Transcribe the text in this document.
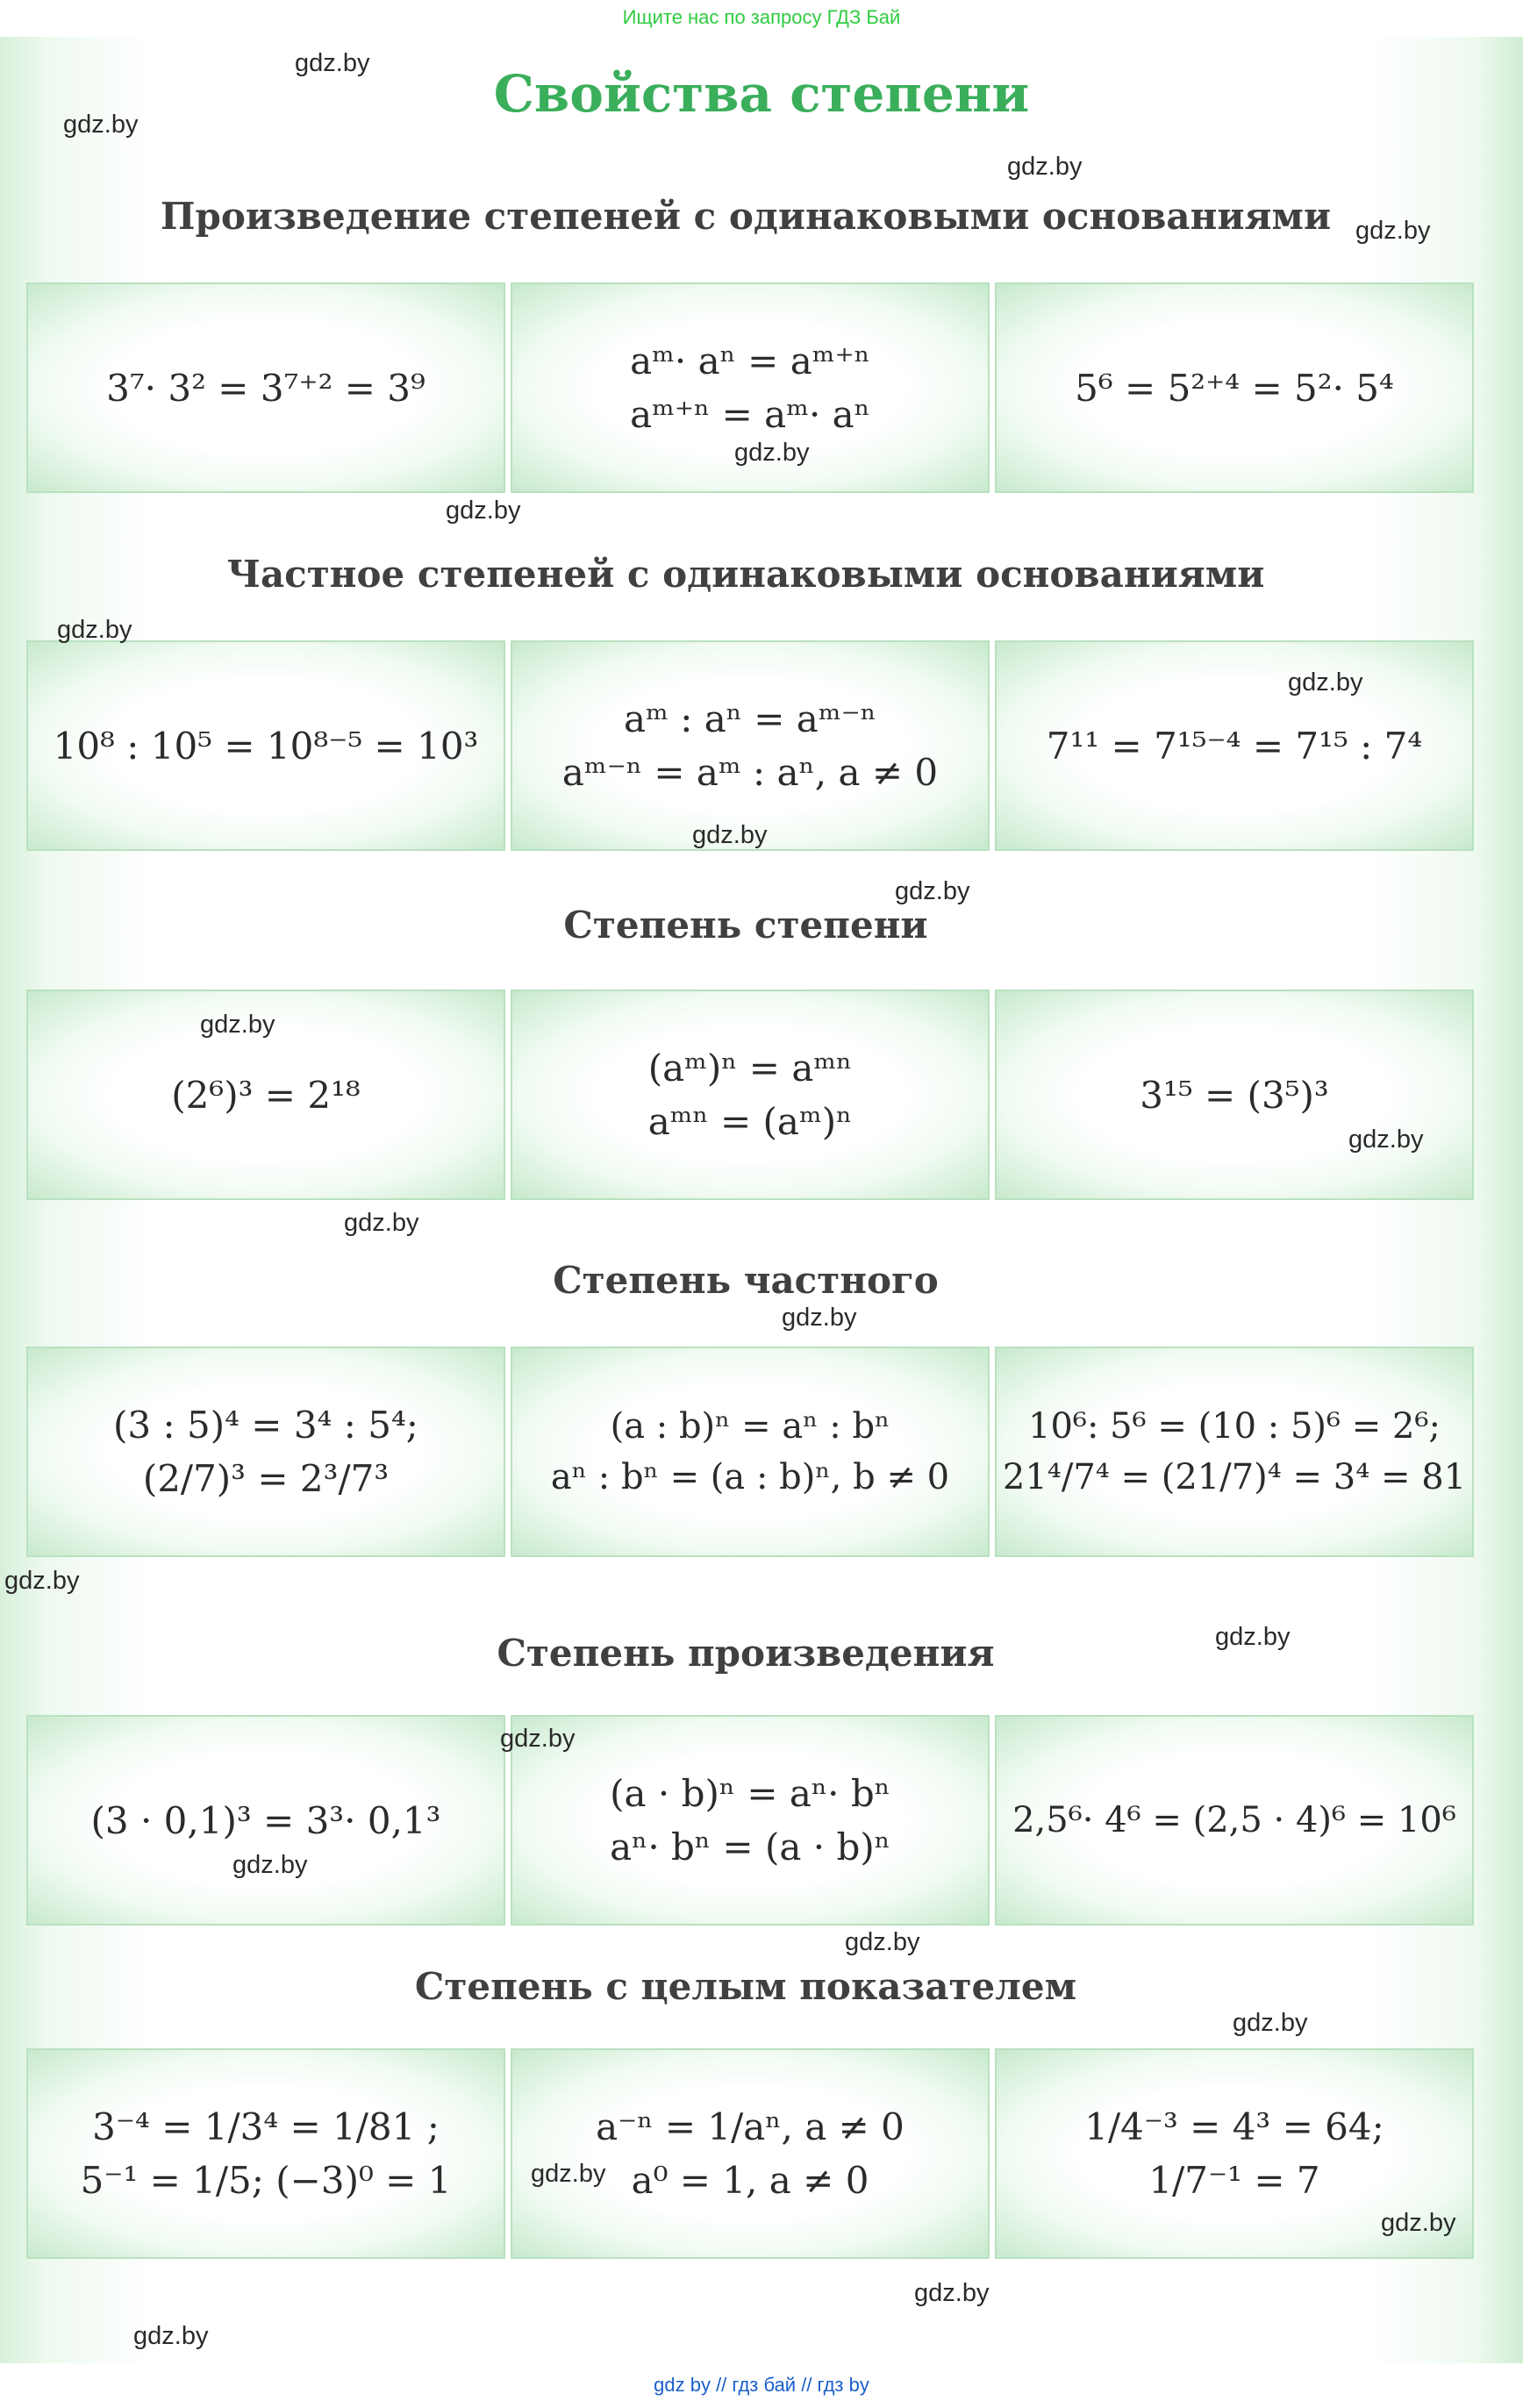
Ищите нас по запросу ГДЗ Бай
Свойства степени
Произведение степеней с одинаковыми основаниями
3⁷· 3² = 3⁷⁺² = 3⁹
aᵐ· aⁿ = aᵐ⁺ⁿ
aᵐ⁺ⁿ = aᵐ· aⁿ
5⁶ = 5²⁺⁴ = 5²· 5⁴
Частное степеней с одинаковыми основаниями
10⁸ : 10⁵ = 10⁸⁻⁵ = 10³
aᵐ : aⁿ = aᵐ⁻ⁿ
aᵐ⁻ⁿ = aᵐ : aⁿ, a ≠ 0
7¹¹ = 7¹⁵⁻⁴ = 7¹⁵ : 7⁴
Степень степени
(2⁶)³ = 2¹⁸
(aᵐ)ⁿ = aᵐⁿ
aᵐⁿ = (aᵐ)ⁿ
3¹⁵ = (3⁵)³
Степень частного
(3 : 5)⁴ = 3⁴ : 5⁴;
(2/7)³ = 2³/7³
(a : b)ⁿ = aⁿ : bⁿ
aⁿ : bⁿ = (a : b)ⁿ, b ≠ 0
10⁶: 5⁶ = (10 : 5)⁶ = 2⁶;
21⁴/7⁴ = (21/7)⁴ = 3⁴ = 81
Степень произведения
(3 · 0,1)³ = 3³· 0,1³
(a · b)ⁿ = aⁿ· bⁿ
aⁿ· bⁿ = (a · b)ⁿ
2,5⁶· 4⁶ = (2,5 · 4)⁶ = 10⁶
Степень с целым показателем
3⁻⁴ = 1/3⁴ = 1/81 ;
5⁻¹ = 1/5; (−3)⁰ = 1
a⁻ⁿ = 1/aⁿ, a ≠ 0
a⁰ = 1, a ≠ 0
1/4⁻³ = 4³ = 64;
1/7⁻¹ = 7
gdz.by
gdz.by
gdz.by
gdz.by
gdz.by
gdz.by
gdz.by
gdz.by
gdz.by
gdz.by
gdz.by
gdz.by
gdz.by
gdz.by
gdz.by
gdz.by
gdz.by
gdz.by
gdz.by
gdz.by
gdz.by
gdz.by
gdz.by
gdz.by
gdz by // гдз бай // гдз by
